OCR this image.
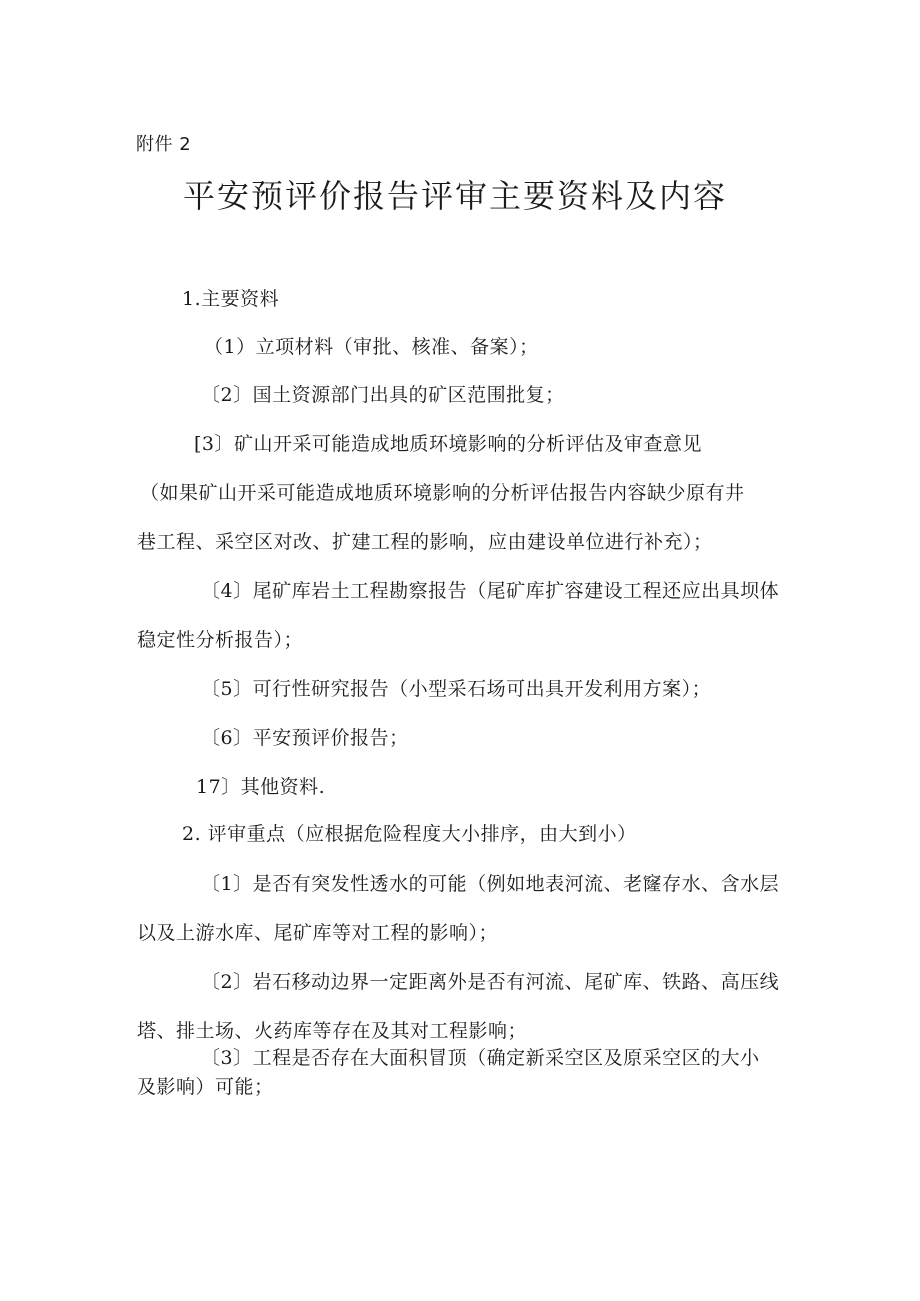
附件 2
平安预评价报告评审主要资料及内容
1.主要资料
（1）立项材料（审批、核准、备案）；
〔2〕国土资源部门出具的矿区范围批复；
[3〕矿山开采可能造成地质环境影响的分析评估及审查意见
（如果矿山开采可能造成地质环境影响的分析评估报告内容缺少原有井
巷工程、采空区对改、扩建工程的影响，应由建设单位进行补充）；
〔4〕尾矿库岩土工程勘察报告（尾矿库扩容建设工程还应出具坝体
稳定性分析报告）；
〔5〕可行性研究报告（小型采石场可出具开发利用方案）；
〔6〕平安预评价报告；
17〕其他资料.
2. 评审重点（应根据危险程度大小排序，由大到小）
〔1〕是否有突发性透水的可能（例如地表河流、老窿存水、含水层
以及上游水库、尾矿库等对工程的影响）；
〔2〕岩石移动边界一定距离外是否有河流、尾矿库、铁路、高压线
塔、排土场、火药库等存在及其对工程影响；
〔3〕工程是否存在大面积冒顶（确定新采空区及原采空区的大小
及影响）可能；
